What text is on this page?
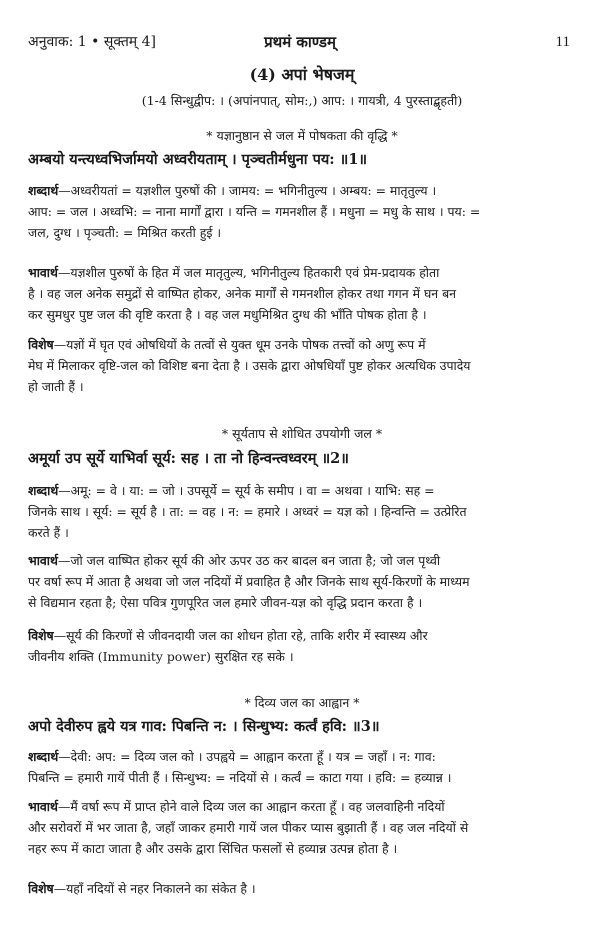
अनुवाक: 1 • सूक्तम् 4]	प्रथमं काण्डम्	11
(4) अपां भेषजम्
(1-4 सिन्धुद्वीप: । (अपांनपात्, सोम:,) आप: । गायत्री, 4 पुरस्ताद्बृहती)
* यज्ञानुष्ठान से जल में पोषकता की वृद्धि *
अम्बयो यन्त्यध्वभिर्जामयो अध्वरीयताम् । पृञ्चतीर्मधुना पय: ॥1॥
शब्दार्थ—अध्वरीयतां = यज्ञशील पुरुषों की । जामय: = भगिनीतुल्य । अम्बय: = मातृतुल्य ।
आप: = जल । अध्वभि: = नाना मार्गों द्वारा । यन्ति = गमनशील हैं । मधुना = मधु के साथ । पय: =
जल, दुग्ध । पृञ्चती: = मिश्रित करती हुई ।
भावार्थ—यज्ञशील पुरुषों के हित में जल मातृतुल्य, भगिनीतुल्य हितकारी एवं प्रेम-प्रदायक होता
है । वह जल अनेक समुद्रों से वाष्पित होकर, अनेक मार्गों से गमनशील होकर तथा गगन में घन बन
कर सुमधुर पुष्ट जल की वृष्टि करता है । वह जल मधुमिश्रित दुग्ध की भाँति पोषक होता है ।
विशेष—यज्ञों में घृत एवं ओषधियों के तत्वों से युक्त धूम उनके पोषक तत्त्वों को अणु रूप में
मेघ में मिलाकर वृष्टि-जल को विशिष्ट बना देता है । उसके द्वारा ओषधियाँ पुष्ट होकर अत्यधिक उपादेय
हो जाती हैं ।
* सूर्यताप से शोधित उपयोगी जल *
अमूर्या उप सूर्ये याभिर्वा सूर्य: सह । ता नो हिन्वन्त्वध्वरम् ॥2॥
शब्दार्थ—अमू: = वे । या: = जो । उपसूर्ये = सूर्य के समीप । वा = अथवा । याभि: सह =
जिनके साथ । सूर्य: = सूर्य है । ता: = वह । न: = हमारे । अध्वरं = यज्ञ को । हिन्वन्ति = उत्प्रेरित
करते हैं ।
भावार्थ—जो जल वाष्पित होकर सूर्य की ओर ऊपर उठ कर बादल बन जाता है; जो जल पृथ्वी
पर वर्षा रूप में आता है अथवा जो जल नदियों में प्रवाहित है और जिनके साथ सूर्य-किरणों के माध्यम
से विद्यमान रहता है; ऐसा पवित्र गुणपूरित जल हमारे जीवन-यज्ञ को वृद्धि प्रदान करता है ।
विशेष—सूर्य की किरणों से जीवनदायी जल का शोधन होता रहे, ताकि शरीर में स्वास्थ्य और
जीवनीय शक्ति (Immunity power) सुरक्षित रह सके ।
* दिव्य जल का आह्वान *
अपो देवीरुप ह्वये यत्र गाव: पिबन्ति न: । सिन्धुभ्य: कर्त्वं हवि: ॥3॥
शब्दार्थ—देवी: अप: = दिव्य जल को । उपह्वये = आह्वान करता हूँ । यत्र = जहाँ । न: गाव:
पिबन्ति = हमारी गायें पीती हैं । सिन्धुभ्य: = नदियों से । कर्त्वं = काटा गया । हवि: = हव्यान्न ।
भावार्थ—मैं वर्षा रूप में प्राप्त होने वाले दिव्य जल का आह्वान करता हूँ । वह जलवाहिनी नदियों
और सरोवरों में भर जाता है, जहाँ जाकर हमारी गायें जल पीकर प्यास बुझाती हैं । वह जल नदियों से
नहर रूप में काटा जाता है और उसके द्वारा सिंचित फसलों से हव्यान्न उत्पन्न होता है ।
विशेष—यहाँ नदियों से नहर निकालने का संकेत है ।
